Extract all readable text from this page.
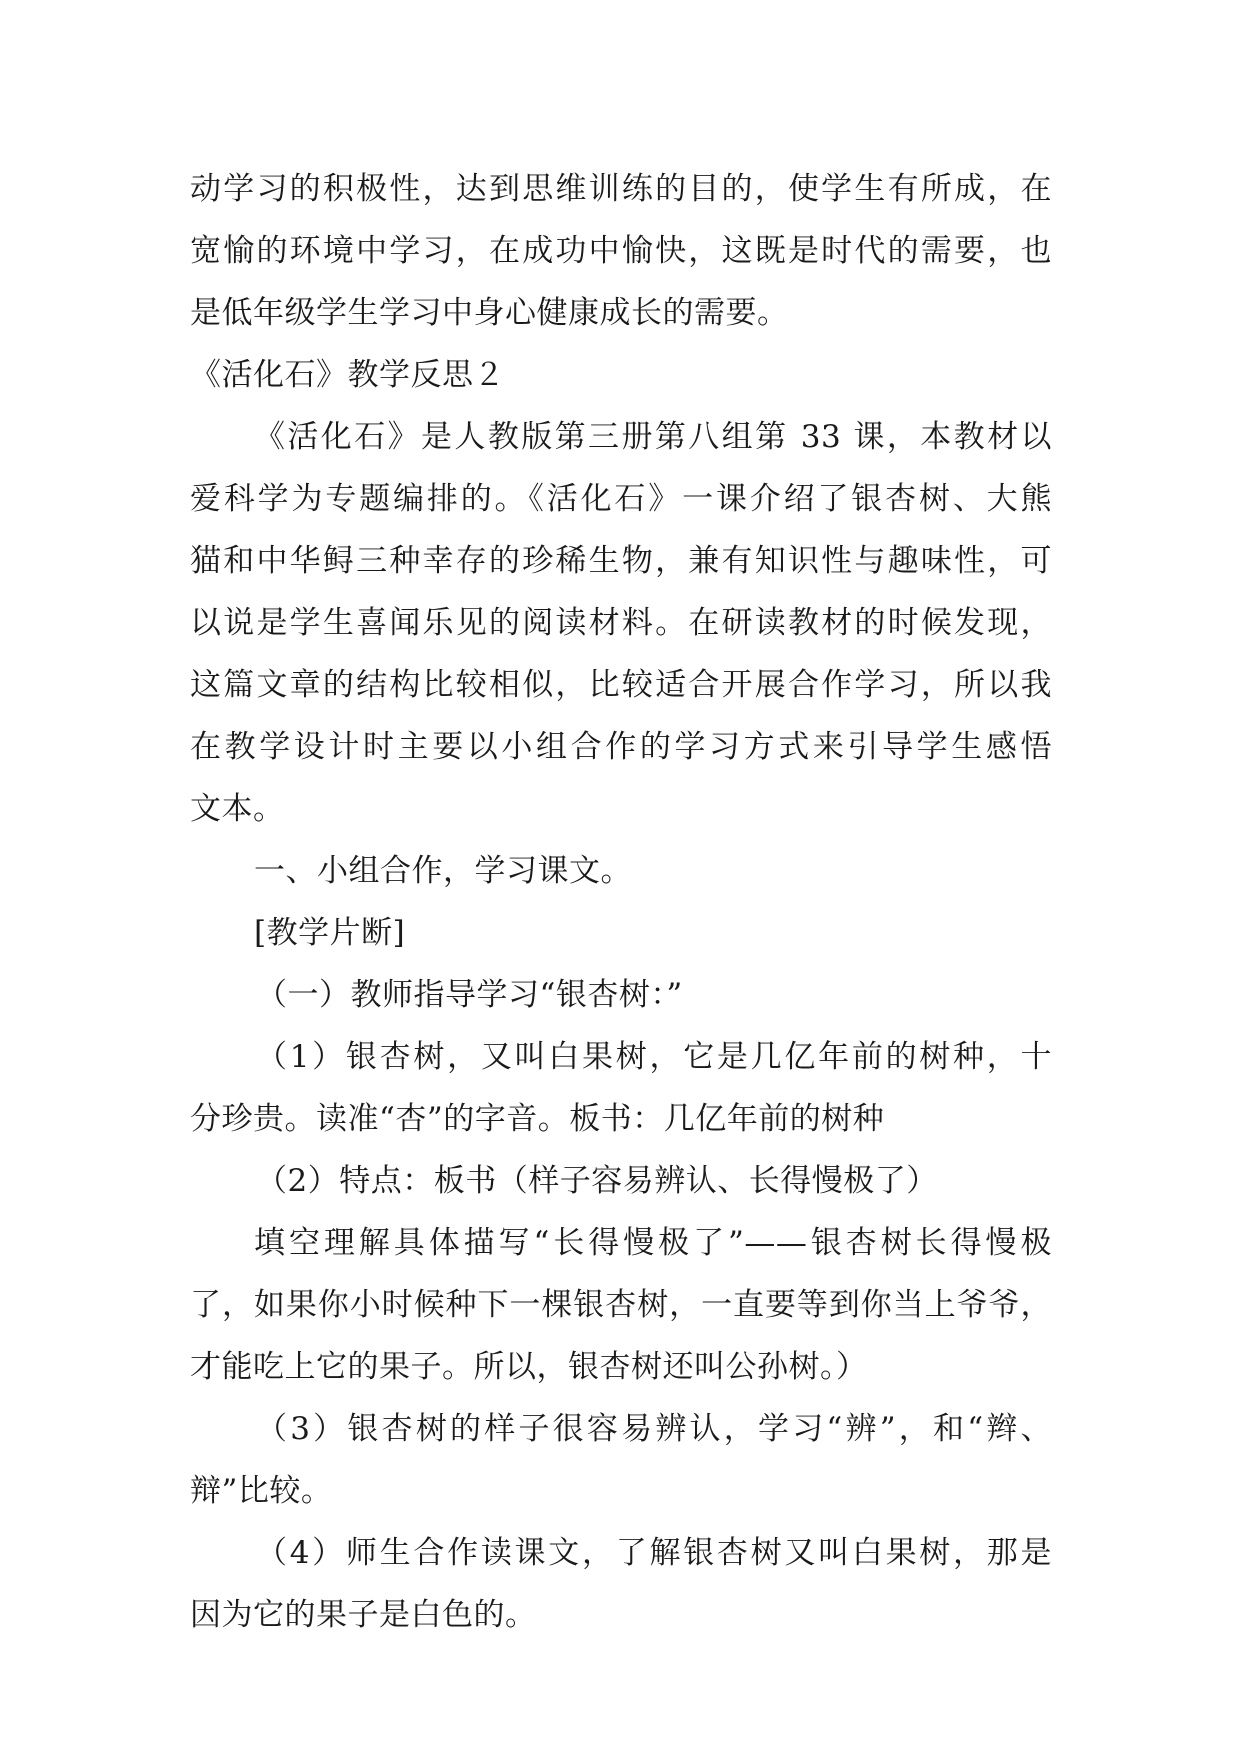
动学习的积极性，达到思维训练的目的，使学生有所成，在
宽愉的环境中学习，在成功中愉快，这既是时代的需要，也
是低年级学生学习中身心健康成长的需要。
《活化石》教学反思２
《活化石》是人教版第三册第八组第 33 课，本教材以
爱科学为专题编排的。《活化石》一课介绍了银杏树、大熊
猫和中华鲟三种幸存的珍稀生物，兼有知识性与趣味性，可
以说是学生喜闻乐见的阅读材料。在研读教材的时候发现，
这篇文章的结构比较相似，比较适合开展合作学习，所以我
在教学设计时主要以小组合作的学习方式来引导学生感悟
文本。
一、小组合作，学习课文。
[教学片断]
（一）教师指导学习“银杏树：”
（1）银杏树，又叫白果树，它是几亿年前的树种，十
分珍贵。读准“杏”的字音。板书：几亿年前的树种
（2）特点：板书（样子容易辨认、长得慢极了）
填空理解具体描写“长得慢极了”——银杏树长得慢极
了，如果你小时候种下一棵银杏树，一直要等到你当上爷爷，
才能吃上它的果子。所以，银杏树还叫公孙树。）
（3）银杏树的样子很容易辨认，学习“辨”，和“辫、
辩”比较。
（4）师生合作读课文，了解银杏树又叫白果树，那是
因为它的果子是白色的。
